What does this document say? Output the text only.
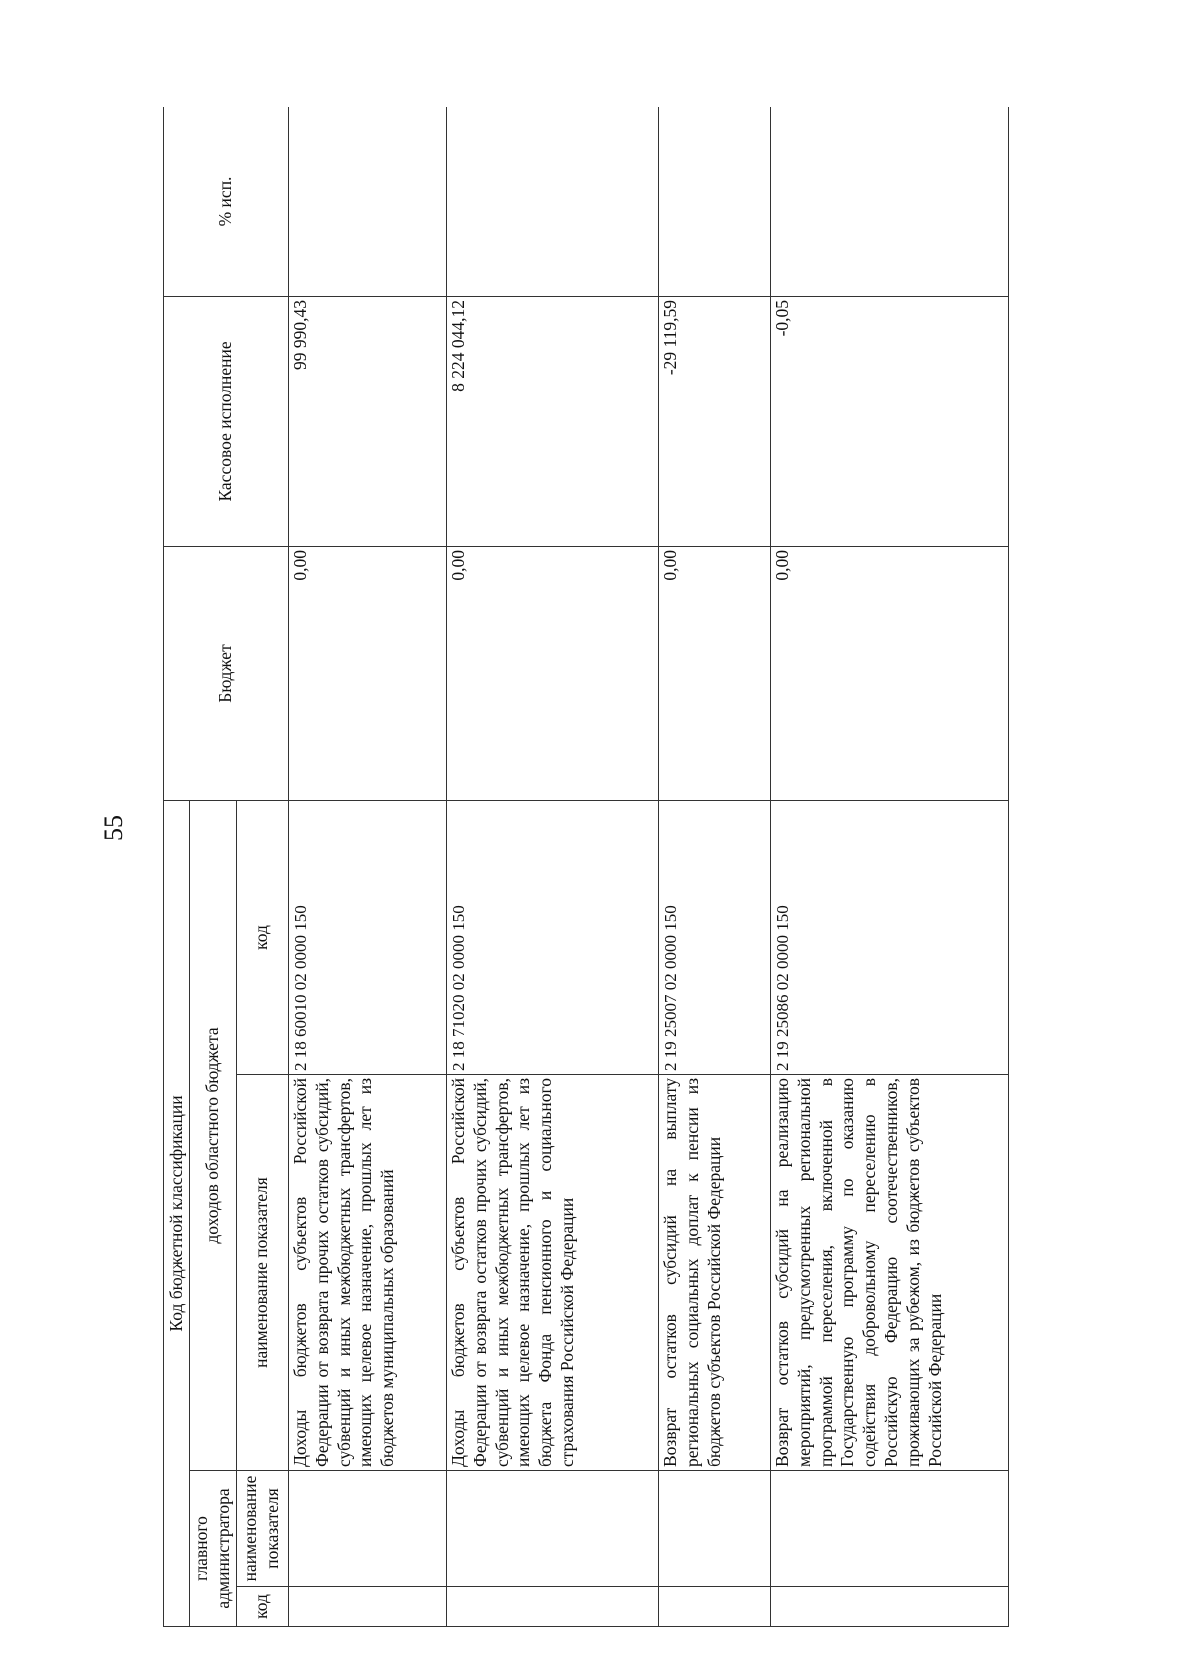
55
Код бюджетной классификации				Бюджет	Кассовое исполнение	% исп.
главного администратора		доходов областного бюджета				
код	наименование показателя	наименование показателя	код			
		Доходы бюджетов субъектов Российской Федерации от возврата прочих остатков субсидий, субвенций и иных межбюджетных трансфертов, имеющих целевое назначение, прошлых лет из бюджетов муниципальных образований	2 18 60010 02 0000 150	0,00	99 990,43	
		Доходы бюджетов субъектов Российской Федерации от возврата остатков прочих субсидий, субвенций и иных межбюджетных трансфертов, имеющих целевое назначение, прошлых лет из бюджета Фонда пенсионного и социального страхования Российской Федерации	2 18 71020 02 0000 150	0,00	8 224 044,12	
		Возврат остатков субсидий на выплату региональных социальных доплат к пенсии из бюджетов субъектов Российской Федерации	2 19 25007 02 0000 150	0,00	-29 119,59	
		Возврат остатков субсидий на реализацию мероприятий, предусмотренных региональной программой переселения, включенной в Государственную программу по оказанию содействия добровольному переселению в Российскую Федерацию соотечественников, проживающих за рубежом, из бюджетов субъектов Российской Федерации	2 19 25086 02 0000 150	0,00	-0,05	
